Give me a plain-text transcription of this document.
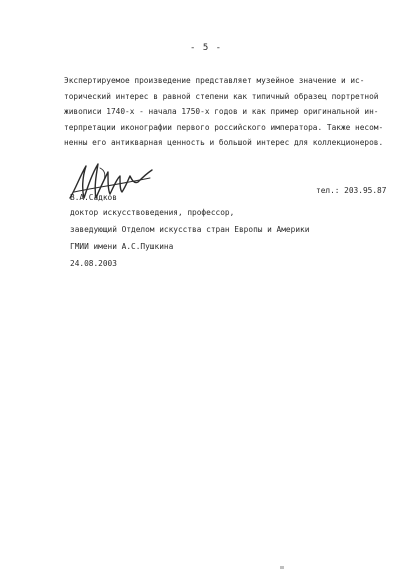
- 5 -
Экспертируемое произведение представляет музейное значение и ис-
торический интерес в равной степени как типичный образец портретной
живописи 1740-х - начала 1750-х годов и как пример оригинальной ин-
терпретации иконографии первого российского императора. Также несом-
ненны его антикварная ценность и большой интерес для коллекционеров.
В.А.Садков
тел.: 203.95.87
доктор искусствоведения, профессор,
заведующий Отделом искусства стран Европы и Америки
ГМИИ имени А.С.Пушкина
24.08.2003
